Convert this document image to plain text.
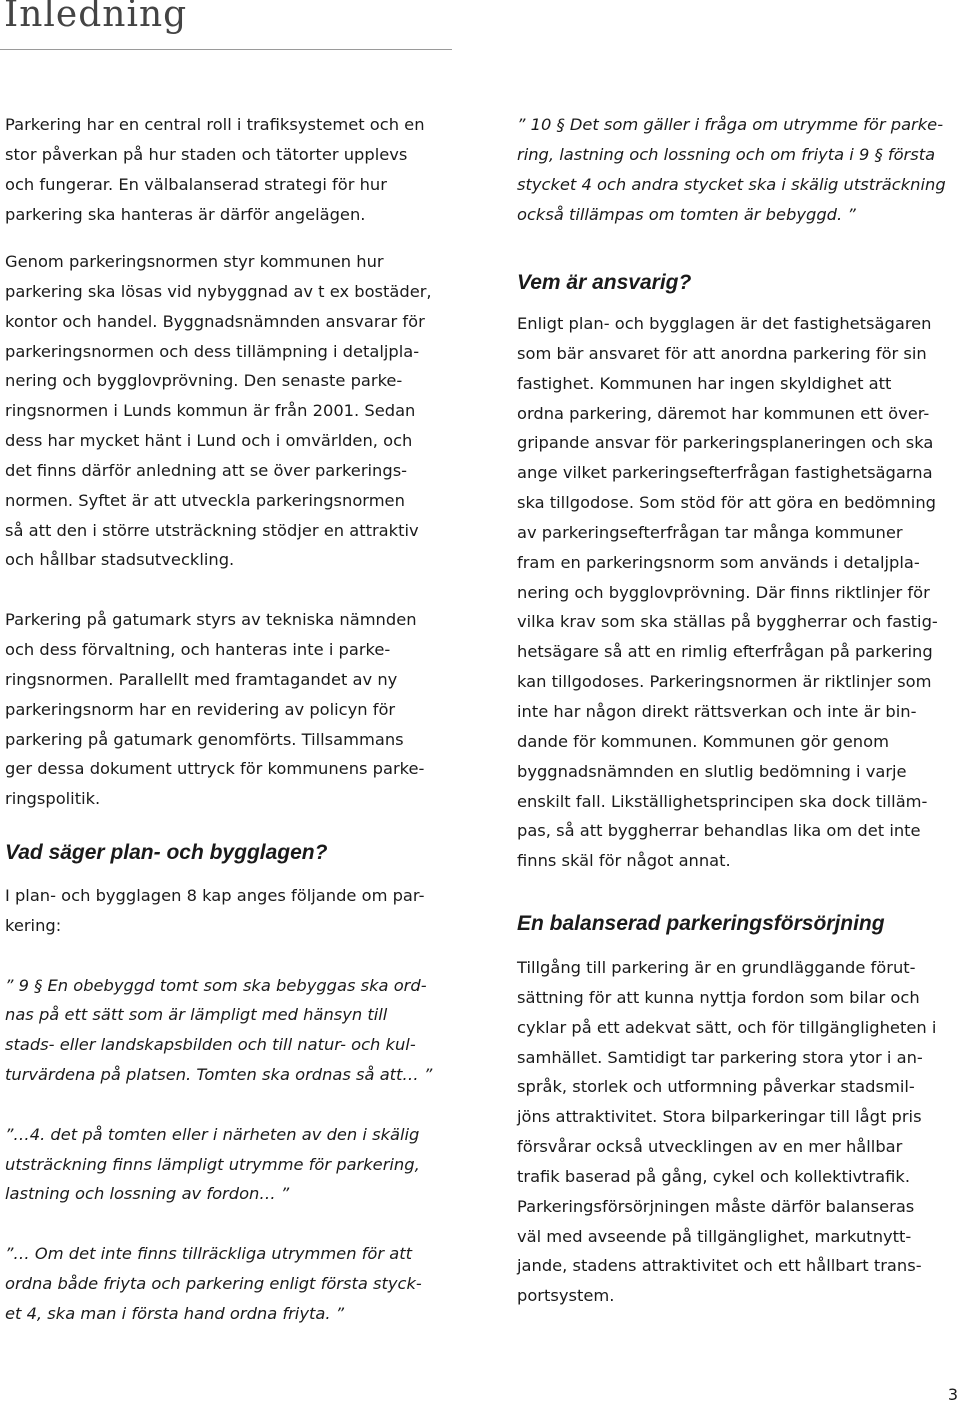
Inledning

Parkering har en central roll i trafiksystemet och en
stor påverkan på hur staden och tätorter upplevs
och fungerar. En välbalanserad strategi för hur
parkering ska hanteras är därför angelägen.

Genom parkeringsnormen styr kommunen hur
parkering ska lösas vid nybyggnad av t ex bostäder,
kontor och handel. Byggnadsnämnden ansvarar för
parkeringsnormen och dess tillämpning i detaljpla-
nering och bygglovprövning. Den senaste parke-
ringsnormen i Lunds kommun är från 2001. Sedan
dess har mycket hänt i Lund och i omvärlden, och
det finns därför anledning att se över parkerings-
normen. Syftet är att utveckla parkeringsnormen
så att den i större utsträckning stödjer en attraktiv
och hållbar stadsutveckling.

Parkering på gatumark styrs av tekniska nämnden
och dess förvaltning, och hanteras inte i parke-
ringsnormen. Parallellt med framtagandet av ny
parkeringsnorm har en revidering av policyn för
parkering på gatumark genomförts. Tillsammans
ger dessa dokument uttryck för kommunens parke-
ringspolitik.

Vad säger plan- och bygglagen?

I plan- och bygglagen 8 kap anges följande om par-
kering:

” 9 § En obebyggd tomt som ska bebyggas ska ord-
nas på ett sätt som är lämpligt med hänsyn till
stads- eller landskapsbilden och till natur- och kul-
turvärdena på platsen. Tomten ska ordnas så att… ”

”…4. det på tomten eller i närheten av den i skälig
utsträckning finns lämpligt utrymme för parkering,
lastning och lossning av fordon… ”

”… Om det inte finns tillräckliga utrymmen för att
ordna både friyta och parkering enligt första styck-
et 4, ska man i första hand ordna friyta. ”

” 10 § Det som gäller i fråga om utrymme för parke-
ring, lastning och lossning och om friyta i 9 § första
stycket 4 och andra stycket ska i skälig utsträckning
också tillämpas om tomten är bebyggd. ”

Vem är ansvarig?

Enligt plan- och bygglagen är det fastighetsägaren
som bär ansvaret för att anordna parkering för sin
fastighet. Kommunen har ingen skyldighet att
ordna parkering, däremot har kommunen ett över-
gripande ansvar för parkeringsplaneringen och ska
ange vilket parkeringsefterfrågan fastighetsägarna
ska tillgodose. Som stöd för att göra en bedömning
av parkeringsefterfrågan tar många kommuner
fram en parkeringsnorm som används i detaljpla-
nering och bygglovprövning. Där finns riktlinjer för
vilka krav som ska ställas på byggherrar och fastig-
hetsägare så att en rimlig efterfrågan på parkering
kan tillgodoses. Parkeringsnormen är riktlinjer som
inte har någon direkt rättsverkan och inte är bin-
dande för kommunen. Kommunen gör genom
byggnadsnämnden en slutlig bedömning i varje
enskilt fall. Likställighetsprincipen ska dock tilläm-
pas, så att byggherrar behandlas lika om det inte
finns skäl för något annat.

En balanserad parkeringsförsörjning

Tillgång till parkering är en grundläggande förut-
sättning för att kunna nyttja fordon som bilar och
cyklar på ett adekvat sätt, och för tillgängligheten i
samhället. Samtidigt tar parkering stora ytor i an-
språk, storlek och utformning påverkar stadsmil-
jöns attraktivitet. Stora bilparkeringar till lågt pris
försvårar också utvecklingen av en mer hållbar
trafik baserad på gång, cykel och kollektivtrafik.
Parkeringsförsörjningen måste därför balanseras
väl med avseende på tillgänglighet, markutnytt-
jande, stadens attraktivitet och ett hållbart trans-
portsystem.

3
